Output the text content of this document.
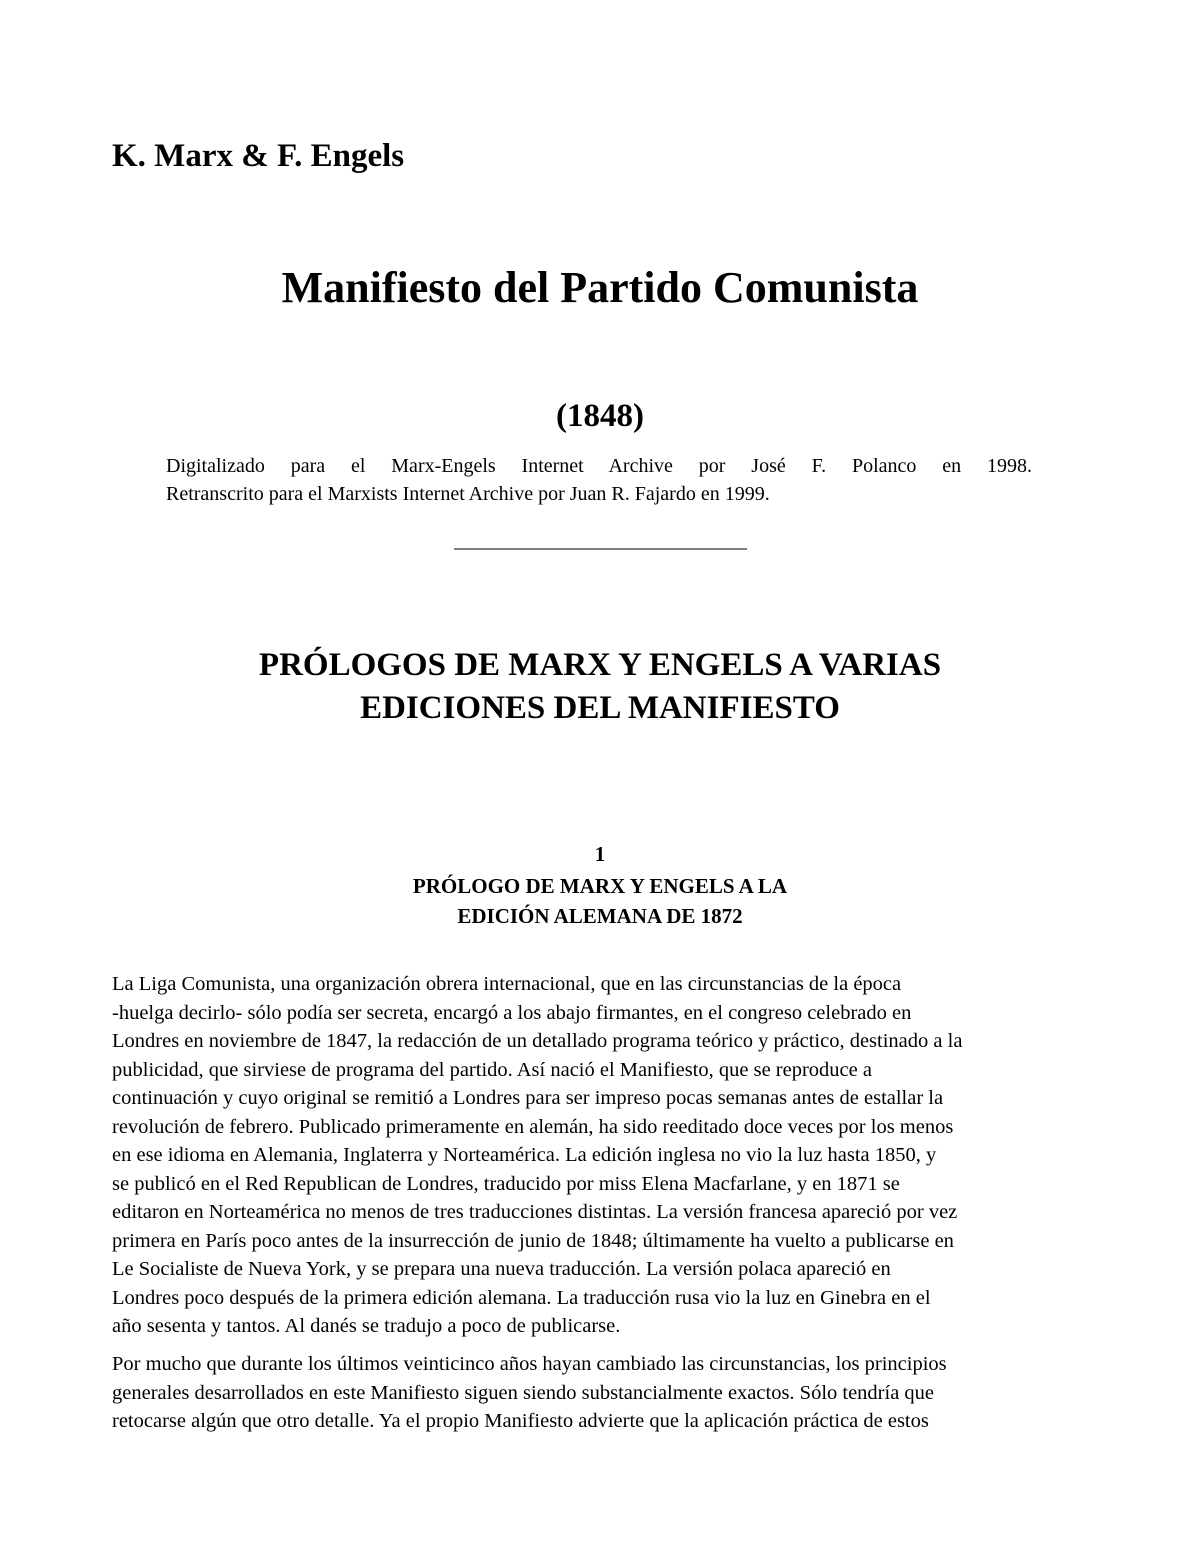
K. Marx & F. Engels
Manifiesto del Partido Comunista
(1848)
Digitalizado para el Marx-Engels Internet Archive por José F. Polanco en 1998.
Retranscrito para el Marxists Internet Archive por Juan R. Fajardo en 1999.
PRÓLOGOS DE MARX Y ENGELS A VARIAS
EDICIONES DEL MANIFIESTO
1
PRÓLOGO DE MARX Y ENGELS A LA
EDICIÓN ALEMANA DE 1872
La Liga Comunista, una organización obrera internacional, que en las circunstancias de la época
-huelga decirlo- sólo podía ser secreta, encargó a los abajo firmantes, en el congreso celebrado en
Londres en noviembre de 1847, la redacción de un detallado programa teórico y práctico, destinado a la
publicidad, que sirviese de programa del partido. Así nació el Manifiesto, que se reproduce a
continuación y cuyo original se remitió a Londres para ser impreso pocas semanas antes de estallar la
revolución de febrero. Publicado primeramente en alemán, ha sido reeditado doce veces por los menos
en ese idioma en Alemania, Inglaterra y Norteamérica. La edición inglesa no vio la luz hasta 1850, y
se publicó en el Red Republican de Londres, traducido por miss Elena Macfarlane, y en 1871 se
editaron en Norteamérica no menos de tres traducciones distintas. La versión francesa apareció por vez
primera en París poco antes de la insurrección de junio de 1848; últimamente ha vuelto a publicarse en
Le Socialiste de Nueva York, y se prepara una nueva traducción. La versión polaca apareció en
Londres poco después de la primera edición alemana. La traducción rusa vio la luz en Ginebra en el
año sesenta y tantos. Al danés se tradujo a poco de publicarse.
Por mucho que durante los últimos veinticinco años hayan cambiado las circunstancias, los principios
generales desarrollados en este Manifiesto siguen siendo substancialmente exactos. Sólo tendría que
retocarse algún que otro detalle. Ya el propio Manifiesto advierte que la aplicación práctica de estos
